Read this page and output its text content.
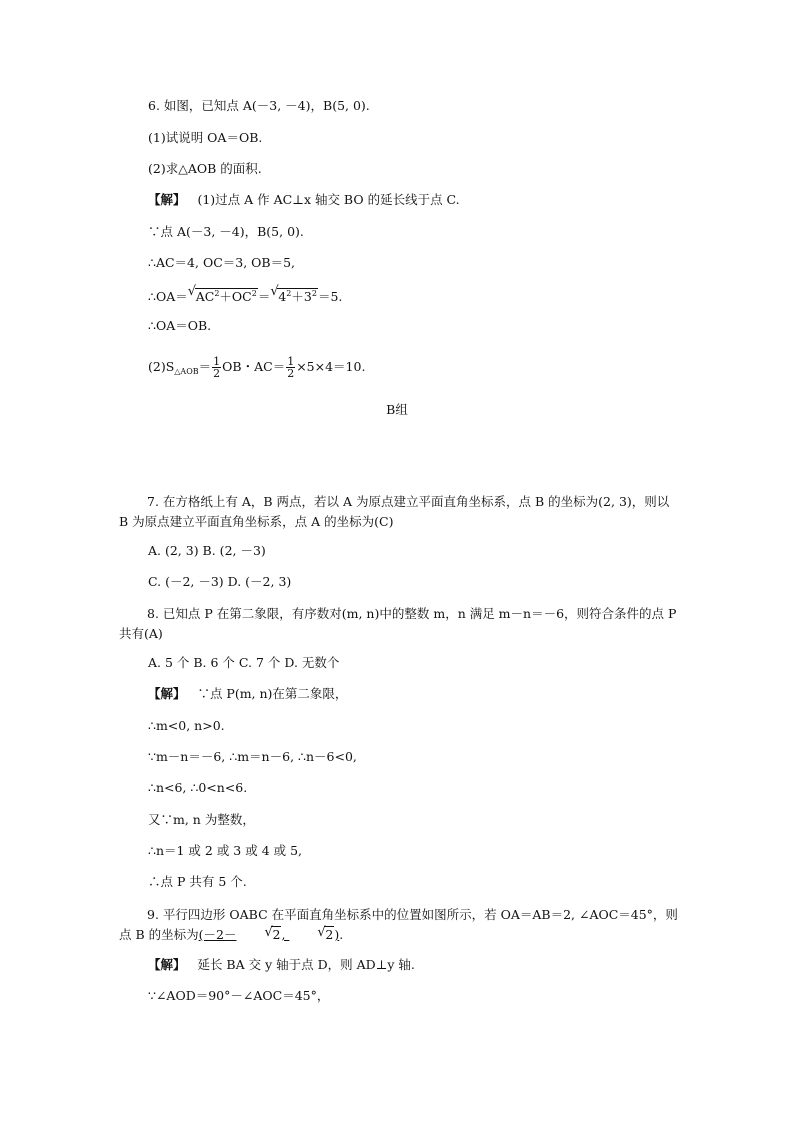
6. 如图，已知点 A(－3, －4)，B(5, 0).
(1)试说明 OA＝OB.
(2)求△AOB 的面积.
【解】 (1)过点 A 作 AC⊥x 轴交 BO 的延长线于点 C.
∵点 A(－3, －4)，B(5, 0).
∴AC＝4, OC＝3, OB＝5,
∴OA＝ √ $AC^2+OC^2=$ √ $4^2+3^2=5$.
∴OA＝OB.
$(2)S_{\triangle AOB}= \frac{1}{2}$ OB・$AC= \frac{1}{2} \times 5\times 4=10$.
B组
7. 在方格纸上有 A，B 两点，若以 A 为原点建立平面直角坐标系，点 B 的坐标为(2, 3)，则以 B 为原点建立平面直角坐标系，点 A 的坐标为(C)
A. (2, 3) B. (2, －3)
C. (－2, －3) D. (－2, 3)
8. 已知点 P 在第二象限，有序数对(m, n)中的整数 m，n 满足 m－n＝－6，则符合条件的点 P 共有(A)
A. 5 个 B. 6 个 C. 7 个 D. 无数个
【解】 ∵点 P(m, n)在第二象限，
∴m<0, n>0.
∵m－n＝－6, ∴m＝n－6, ∴n－6<0,
∴n<6, ∴0<n<6.
又∵m, n 为整数，
∴n＝1 或 2 或 3 或 4 或 5,
∴点 P 共有 5 个.
9. 平行四边形 OABC 在平面直角坐标系中的位置如图所示，若 OA＝AB＝2, ∠AOC＝45°，则点 B 的坐标为(－2－	√ 2,	√ 2).
【解】 延长 BA 交 y 轴于点 D，则 AD⊥y 轴.
∵∠AOD＝90°－∠AOC＝45°，
